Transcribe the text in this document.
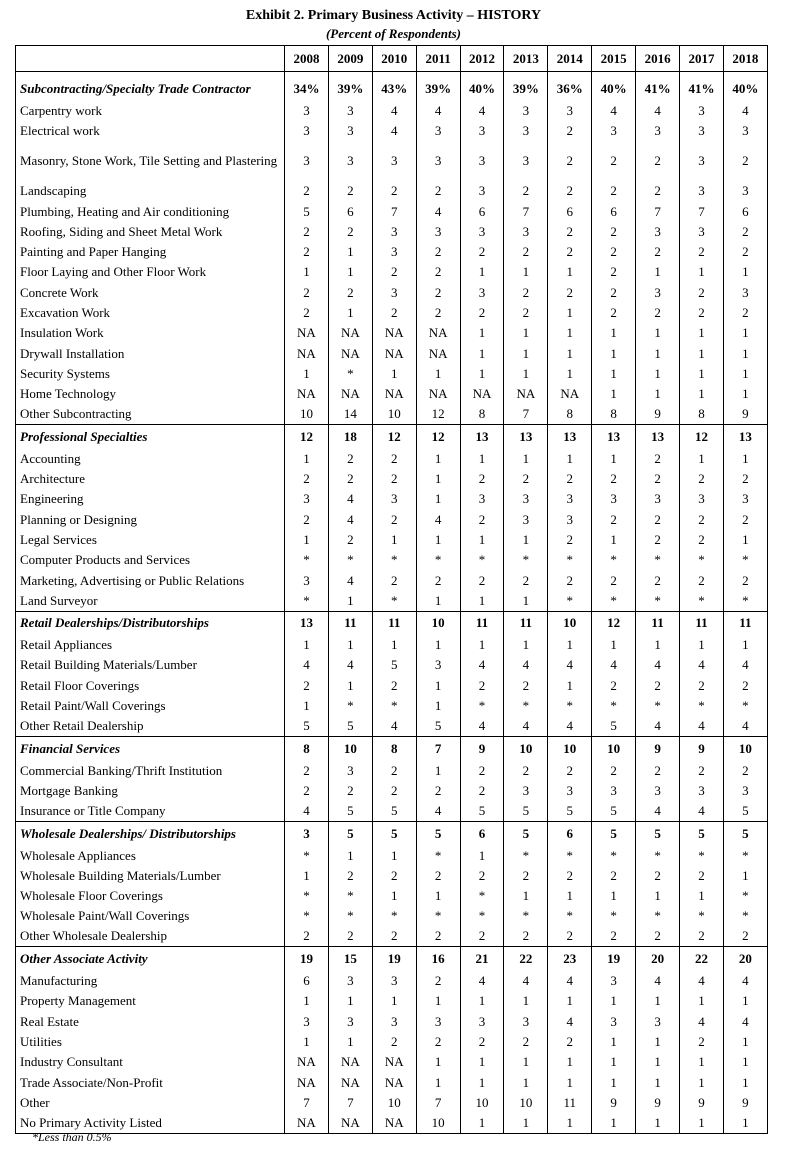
Exhibit 2. Primary Business Activity – HISTORY
(Percent of Respondents)
	2008	2009	2010	2011	2012	2013	2014	2015	2016	2017	2018

Subcontracting/Specialty Trade Contractor	34%	39%	43%	39%	40%	39%	36%	40%	41%	41%	40%
Carpentry work	3	3	4	4	4	3	3	4	4	3	4
Electrical work	3	3	4	3	3	3	2	3	3	3	3
Masonry, Stone Work, Tile Setting and Plastering	3	3	3	3	3	3	2	2	2	3	2
Landscaping	2	2	2	2	3	2	2	2	2	3	3
Plumbing, Heating and Air conditioning	5	6	7	4	6	7	6	6	7	7	6
Roofing, Siding and Sheet Metal Work	2	2	3	3	3	3	2	2	3	3	2
Painting and Paper Hanging	2	1	3	2	2	2	2	2	2	2	2
Floor Laying and Other Floor Work	1	1	2	2	1	1	1	2	1	1	1
Concrete Work	2	2	3	2	3	2	2	2	3	2	3
Excavation Work	2	1	2	2	2	2	1	2	2	2	2
Insulation Work	NA	NA	NA	NA	1	1	1	1	1	1	1
Drywall Installation	NA	NA	NA	NA	1	1	1	1	1	1	1
Security Systems	1	*	1	1	1	1	1	1	1	1	1
Home Technology	NA	NA	NA	NA	NA	NA	NA	1	1	1	1
Other Subcontracting	10	14	10	12	8	7	8	8	9	8	9
Professional Specialties	12	18	12	12	13	13	13	13	13	12	13
Accounting	1	2	2	1	1	1	1	1	2	1	1
Architecture	2	2	2	1	2	2	2	2	2	2	2
Engineering	3	4	3	1	3	3	3	3	3	3	3
Planning or Designing	2	4	2	4	2	3	3	2	2	2	2
Legal Services	1	2	1	1	1	1	2	1	2	2	1
Computer Products and Services	*	*	*	*	*	*	*	*	*	*	*
Marketing, Advertising or Public Relations	3	4	2	2	2	2	2	2	2	2	2
Land Surveyor	*	1	*	1	1	1	*	*	*	*	*
Retail Dealerships/Distributorships	13	11	11	10	11	11	10	12	11	11	11
Retail Appliances	1	1	1	1	1	1	1	1	1	1	1
Retail Building Materials/Lumber	4	4	5	3	4	4	4	4	4	4	4
Retail Floor Coverings	2	1	2	1	2	2	1	2	2	2	2
Retail Paint/Wall Coverings	1	*	*	1	*	*	*	*	*	*	*
Other Retail Dealership	5	5	4	5	4	4	4	5	4	4	4
Financial Services	8	10	8	7	9	10	10	10	9	9	10
Commercial Banking/Thrift Institution	2	3	2	1	2	2	2	2	2	2	2
Mortgage Banking	2	2	2	2	2	3	3	3	3	3	3
Insurance or Title Company	4	5	5	4	5	5	5	5	4	4	5
Wholesale Dealerships/ Distributorships	3	5	5	5	6	5	6	5	5	5	5
Wholesale Appliances	*	1	1	*	1	*	*	*	*	*	*
Wholesale Building Materials/Lumber	1	2	2	2	2	2	2	2	2	2	1
Wholesale Floor Coverings	*	*	1	1	*	1	1	1	1	1	*
Wholesale Paint/Wall Coverings	*	*	*	*	*	*	*	*	*	*	*
Other Wholesale Dealership	2	2	2	2	2	2	2	2	2	2	2
Other Associate Activity	19	15	19	16	21	22	23	19	20	22	20
Manufacturing	6	3	3	2	4	4	4	3	4	4	4
Property Management	1	1	1	1	1	1	1	1	1	1	1
Real Estate	3	3	3	3	3	3	4	3	3	4	4
Utilities	1	1	2	2	2	2	2	1	1	2	1
Industry Consultant	NA	NA	NA	1	1	1	1	1	1	1	1
Trade Associate/Non-Profit	NA	NA	NA	1	1	1	1	1	1	1	1
Other	7	7	10	7	10	10	11	9	9	9	9
No Primary Activity Listed	NA	NA	NA	10	1	1	1	1	1	1	1
*Less than 0.5%
